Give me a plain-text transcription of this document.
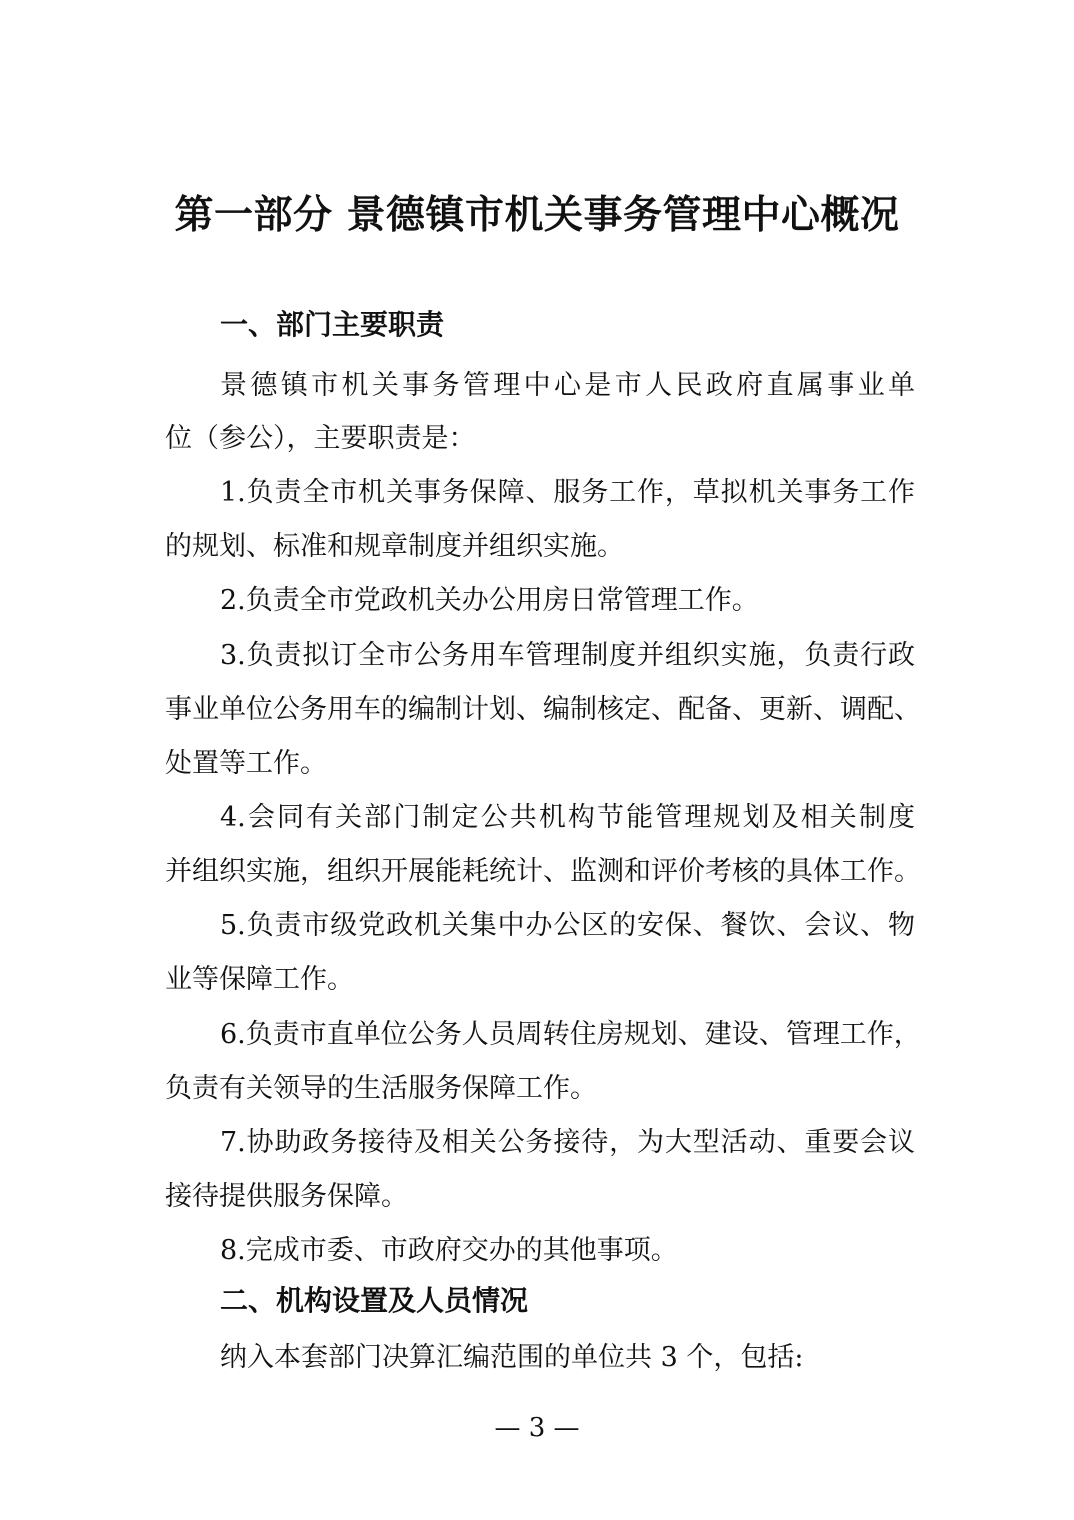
第一部分 景德镇市机关事务管理中心概况
一、部门主要职责
景德镇市机关事务管理中心是市人民政府直属事业单
位（参公），主要职责是：
1.负责全市机关事务保障、服务工作，草拟机关事务工作
的规划、标准和规章制度并组织实施。
2.负责全市党政机关办公用房日常管理工作。
3.负责拟订全市公务用车管理制度并组织实施，负责行政
事业单位公务用车的编制计划、编制核定、配备、更新、调配、
处置等工作。
4.会同有关部门制定公共机构节能管理规划及相关制度
并组织实施，组织开展能耗统计、监测和评价考核的具体工作。
5.负责市级党政机关集中办公区的安保、餐饮、会议、物
业等保障工作。
6.负责市直单位公务人员周转住房规划、建设、管理工作，
负责有关领导的生活服务保障工作。
7.协助政务接待及相关公务接待，为大型活动、重要会议
接待提供服务保障。
8.完成市委、市政府交办的其他事项。
二、机构设置及人员情况
纳入本套部门决算汇编范围的单位共 3 个，包括:
— 3 —
